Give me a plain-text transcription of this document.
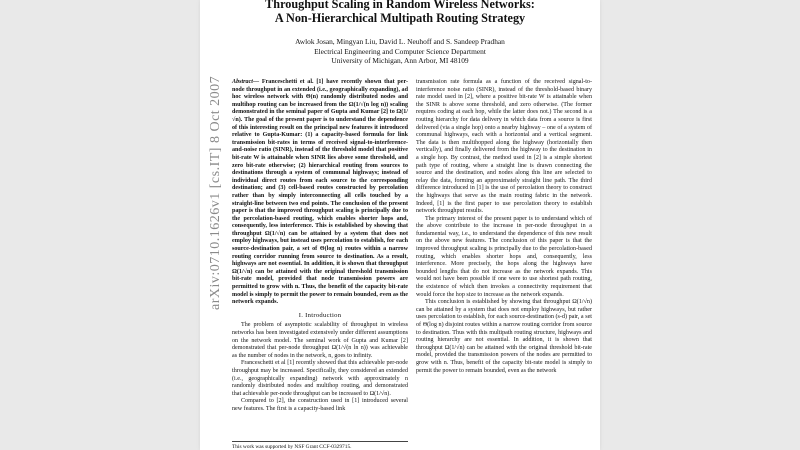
arXiv:0710.1626v1 [cs.IT] 8 Oct 2007
Throughput Scaling in Random Wireless Networks:
A Non-Hierarchical Multipath Routing Strategy
Awlok Josan, Mingyan Liu, David L. Neuhoff and S. Sandeep Pradhan
Electrical Engineering and Computer Science Department
University of Michigan, Ann Arbor, MI 48109

Abstract— Franceschetti et al. [1] have recently shown that per-node throughput in an extended (i.e., geographically expanding), ad hoc wireless network with Θ(n) randomly distributed nodes and multihop routing can be increased from the Ω(1/√(n log n)) scaling demonstrated in the seminal paper of Gupta and Kumar [2] to Ω(1/√n). The goal of the present paper is to understand the dependence of this interesting result on the principal new features it introduced relative to Gupta-Kumar: (1) a capacity-based formula for link transmission bit-rates in terms of received signal-to-interference-and-noise ratio (SINR), instead of the threshold model that positive bit-rate W is attainable when SINR lies above some threshold, and zero bit-rate otherwise; (2) hierarchical routing from sources to destinations through a system of communal highways; instead of individual direct routes from each source to the corresponding destination; and (3) cell-based routes constructed by percolation rather than by simply interconnecting all cells touched by a straight-line between two end points. The conclusion of the present paper is that the improved throughput scaling is principally due to the percolation-based routing, which enables shorter hops and, consequently, less interference. This is established by showing that throughput Ω(1/√n) can be attained by a system that does not employ highways, but instead uses percolation to establish, for each source-destination pair, a set of Θ(log n) routes within a narrow routing corridor running from source to destination. As a result, highways are not essential. In addition, it is shown that throughput Ω(1/√n) can be attained with the original threshold transmission bit-rate model, provided that node transmission powers are permitted to grow with n. Thus, the benefit of the capacity bit-rate model is simply to permit the power to remain bounded, even as the network expands.

I. Introduction

The problem of asymptotic scalability of throughput in wireless networks has been investigated extensively under different assumptions on the network model. The seminal work of Gupta and Kumar [2] demonstrated that per-node throughput Ω(1/√(n ln n)) was achievable as the number of nodes in the network, n, goes to infinity.

Franceschetti et al [1] recently showed that this achievable per-node throughput may be increased. Specifically, they considered an extended (i.e., geographically expanding) network with approximately n randomly distributed nodes and multihop routing, and demonstrated that achievable per-node throughput can be increased to Ω(1/√n).

Compared to [2], the construction used in [1] introduced several new features. The first is a capacity-based link

This work was supported by NSF Grant CCF-0329715.

transmission rate formula as a function of the received signal-to-interference noise ratio (SINR), instead of the threshold-based binary rate model used in [2], where a positive bit-rate W is attainable when the SINR is above some threshold, and zero otherwise. (The former requires coding at each hop, while the latter does not.) The second is a routing hierarchy for data delivery in which data from a source is first delivered (via a single hop) onto a nearby highway – one of a system of communal highways, each with a horizontal and a vertical segment. The data is then multihopped along the highway (horizontally then vertically), and finally delivered from the highway to the destination in a single hop. By contrast, the method used in [2] is a simple shortest path type of routing, where a straight line is drawn connecting the source and the destination, and nodes along this line are selected to relay the data, forming an approximately straight line path. The third difference introduced in [1] is the use of percolation theory to construct the highways that serve as the main routing fabric in the network. Indeed, [1] is the first paper to use percolation theory to establish network throughput results.

The primary interest of the present paper is to understand which of the above contribute to the increase in per-node throughput in a fundamental way, i.e., to understand the dependence of this new result on the above new features. The conclusion of this paper is that the improved throughput scaling is principally due to the percolation-based routing, which enables shorter hops and, consequently, less interference. More precisely, the hops along the highways have bounded lengths that do not increase as the network expands. This would not have been possible if one were to use shortest path routing, the existence of which then invokes a connectivity requirement that would force the hop size to increase as the network expands.

This conclusion is established by showing that throughput Ω(1/√n) can be attained by a system that does not employ highways, but rather uses percolation to establish, for each source-destination (s-d) pair, a set of Θ(log n) disjoint routes within a narrow routing corridor from source to destination. Thus with this multipath routing structure, highways and routing hierarchy are not essential. In addition, it is shown that throughput Ω(1/√n) can be attained with the original threshold bit-rate model, provided the transmission powers of the nodes are permitted to grow with n. Thus, benefit of the capacity bit-rate model is simply to permit the power to remain bounded, even as the network
